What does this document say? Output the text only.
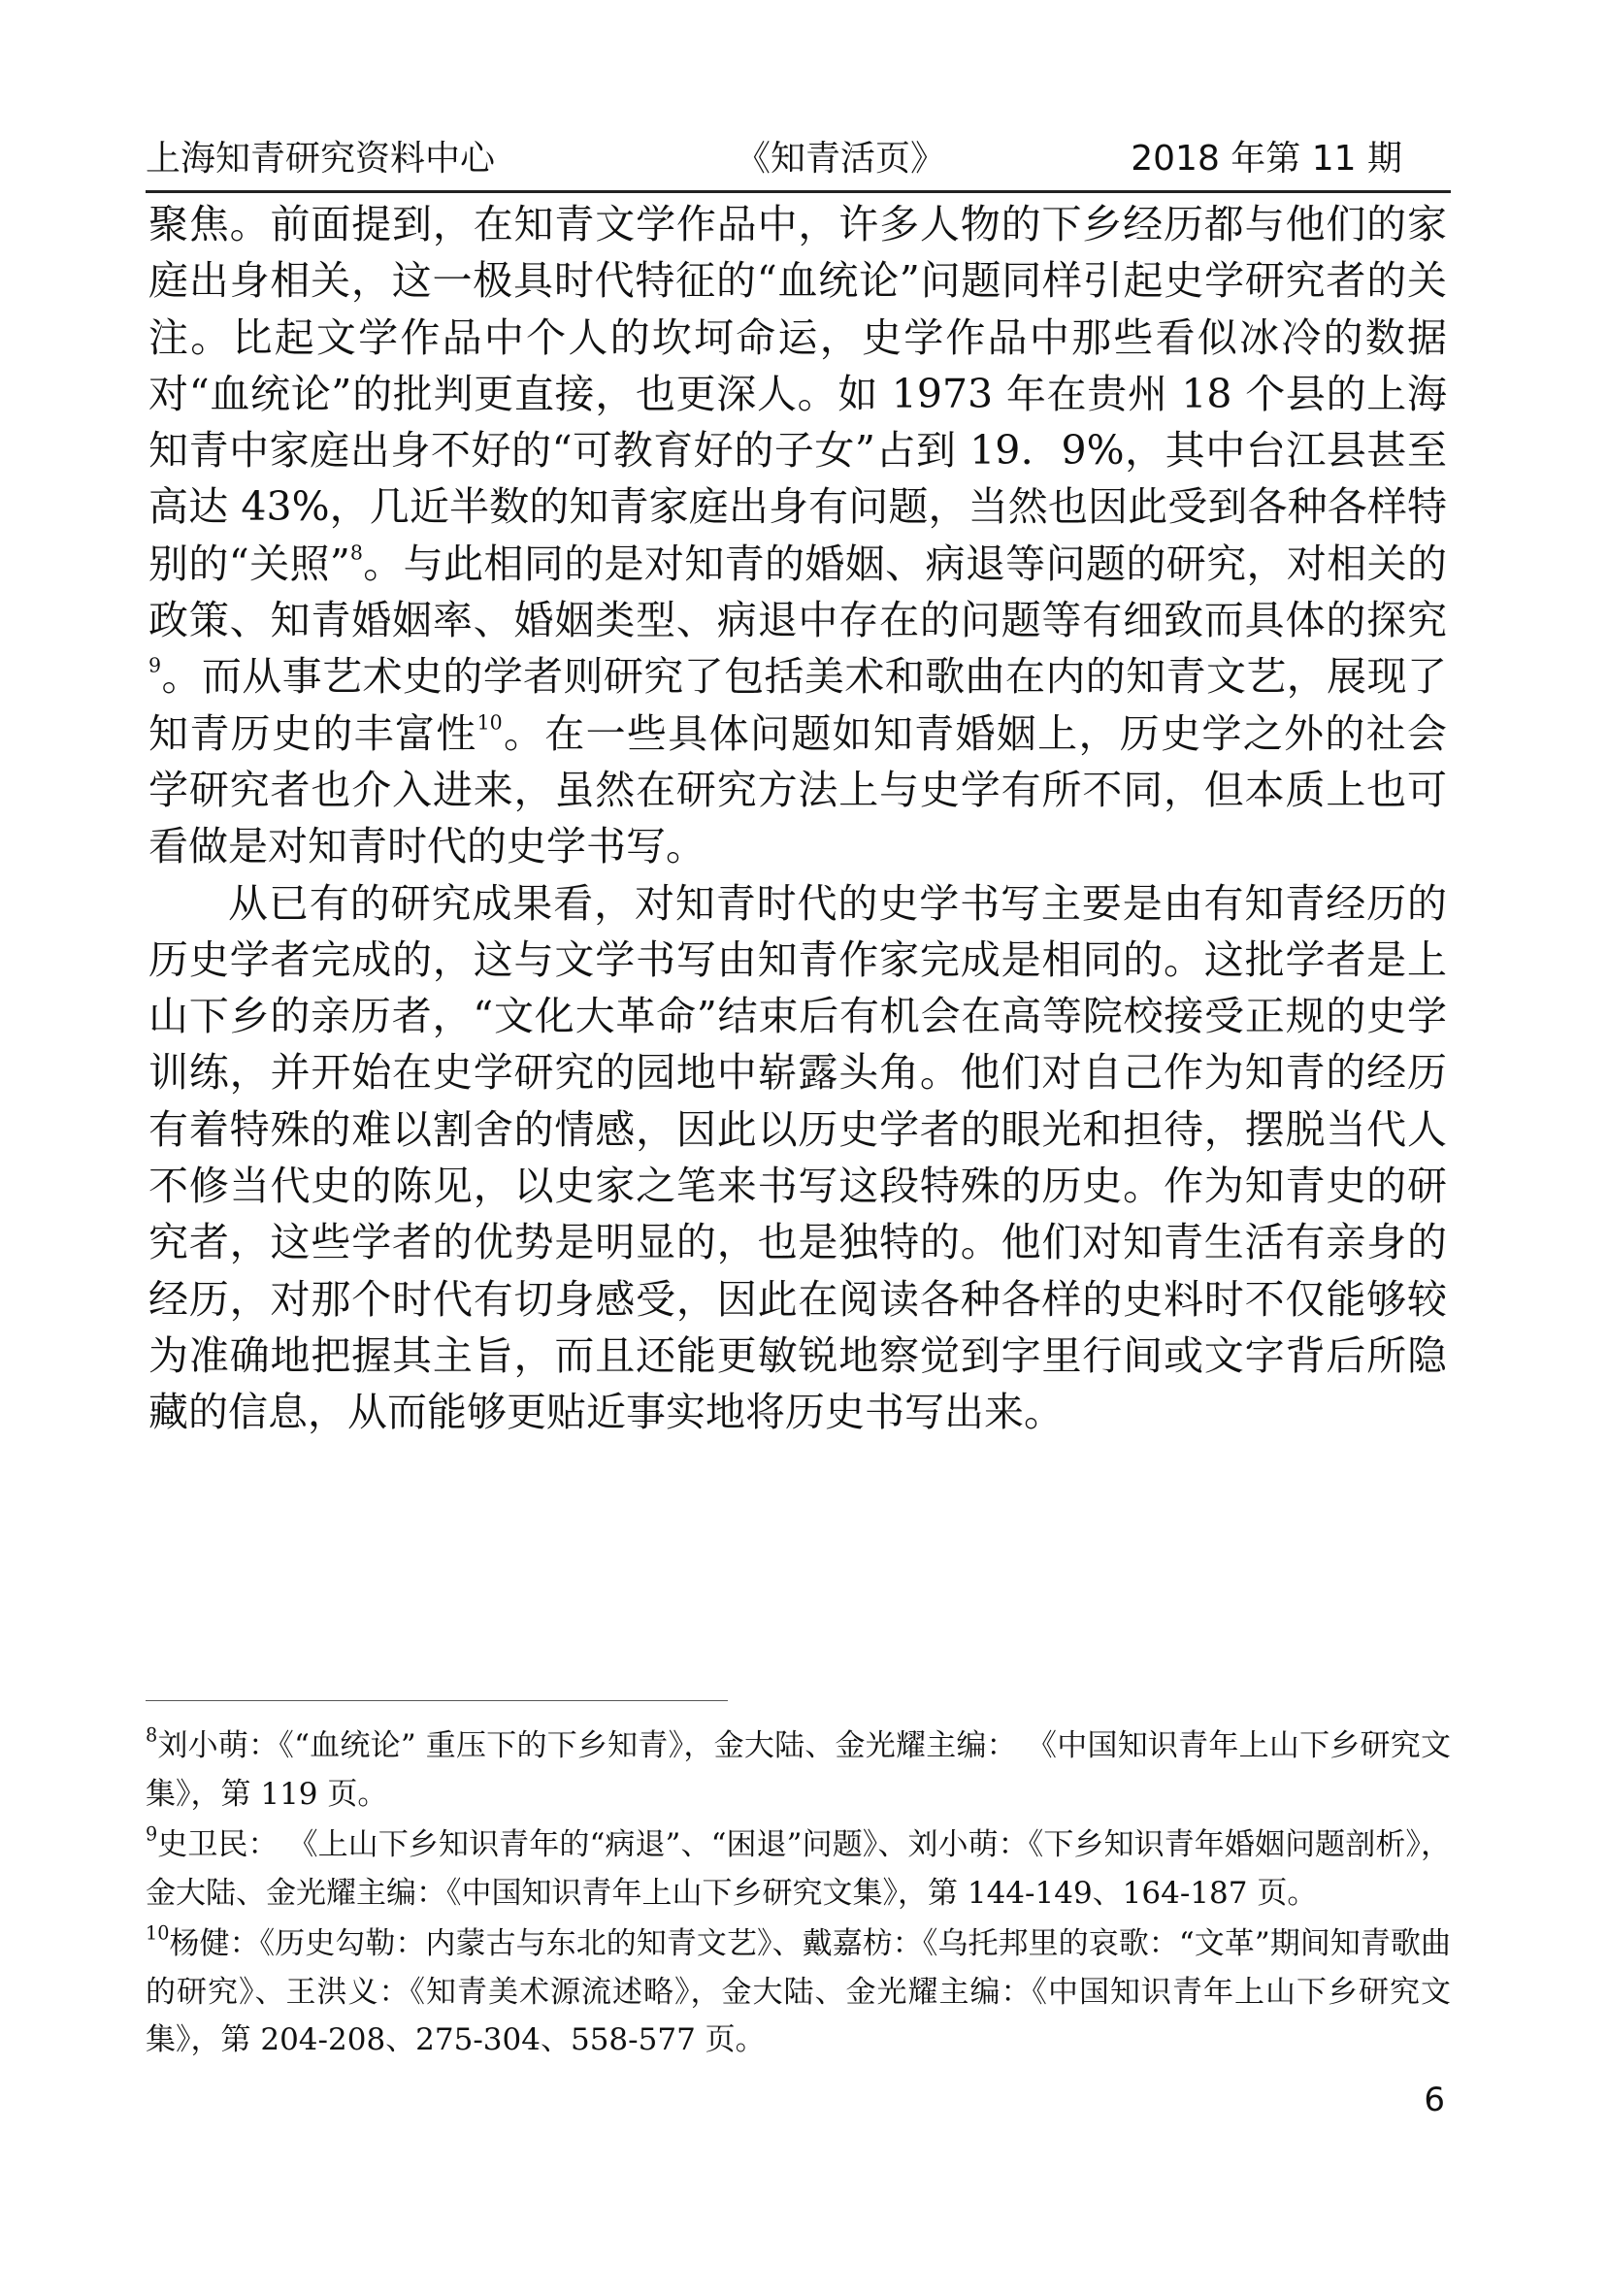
上海知青研究资料中心	《知青活页》	2018 年第 11 期

聚焦。前面提到，在知青文学作品中，许多人物的下乡经历都与他们的家庭出身相关，这一极具时代特征的“血统论”问题同样引起史学研究者的关注。比起文学作品中个人的坎坷命运，史学作品中那些看似冰冷的数据对“血统论”的批判更直接，也更深人。如 1973 年在贵州 18 个县的上海知青中家庭出身不好的“可教育好的子女”占到 19．9%，其中台江县甚至高达 43%，几近半数的知青家庭出身有问题，当然也因此受到各种各样特别的“关照”$^8$。与此相同的是对知青的婚姻、病退等问题的研究，对相关的政策、知青婚姻率、婚姻类型、病退中存在的问题等有细致而具体的探究$^9$。而从事艺术史的学者则研究了包括美术和歌曲在内的知青文艺，展现了知青历史的丰富性$^{10}$。在一些具体问题如知青婚姻上，历史学之外的社会学研究者也介入进来，虽然在研究方法上与史学有所不同，但本质上也可看做是对知青时代的史学书写。

从已有的研究成果看，对知青时代的史学书写主要是由有知青经历的历史学者完成的，这与文学书写由知青作家完成是相同的。这批学者是上山下乡的亲历者，“文化大革命”结束后有机会在高等院校接受正规的史学训练，并开始在史学研究的园地中崭露头角。他们对自己作为知青的经历有着特殊的难以割舍的情感，因此以历史学者的眼光和担待，摆脱当代人不修当代史的陈见，以史家之笔来书写这段特殊的历史。作为知青史的研究者，这些学者的优势是明显的，也是独特的。他们对知青生活有亲身的经历，对那个时代有切身感受，因此在阅读各种各样的史料时不仅能够较为准确地把握其主旨，而且还能更敏锐地察觉到字里行间或文字背后所隐藏的信息，从而能够更贴近事实地将历史书写出来。

$^8$刘小萌：《“血统论” 重压下的下乡知青》，金大陆、金光耀主编： 《中国知识青年上山下乡研究文集》，第 119 页。

$^9$史卫民： 《上山下乡知识青年的“病退”、“困退”问题》、刘小萌：《下乡知识青年婚姻问题剖析》，金大陆、金光耀主编：《中国知识青年上山下乡研究文集》，第 144-149、164-187 页。

$^{10}$杨健：《历史勾勒：内蒙古与东北的知青文艺》、戴嘉枋：《乌托邦里的哀歌：“文革”期间知青歌曲的研究》、王洪义：《知青美术源流述略》，金大陆、金光耀主编：《中国知识青年上山下乡研究文集》，第 204-208、275-304、558-577 页。

6
